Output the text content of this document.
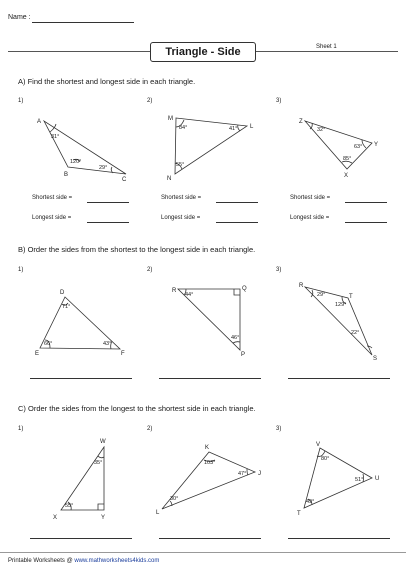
Name :
Triangle - Side	Sheet 1
A) Find the shortest and longest side in each triangle.
1)	2)	3)
A
B
C
31°
120°
29°
M
L
N
84°	41°
55°
Z
Y
X
32°
63°
85°
D
E	F
71°
66°	43°
R	Q
P
44°
46°
R
T
S
29°
129°
22°
W
X	Y
35°
55°
K
J
L
103°
47°
30°
V
U
T
80°
51°
49°
Shortest side =
Longest side =
Shortest side =
Longest side =
Shortest side =
Longest side =
B) Order the sides from the shortest to the longest side in each triangle.
1)	2)	3)
C) Order the sides from the longest to the shortest side in each triangle.
1)	2)	3)
Printable Worksheets @ www.mathworksheets4kids.com
